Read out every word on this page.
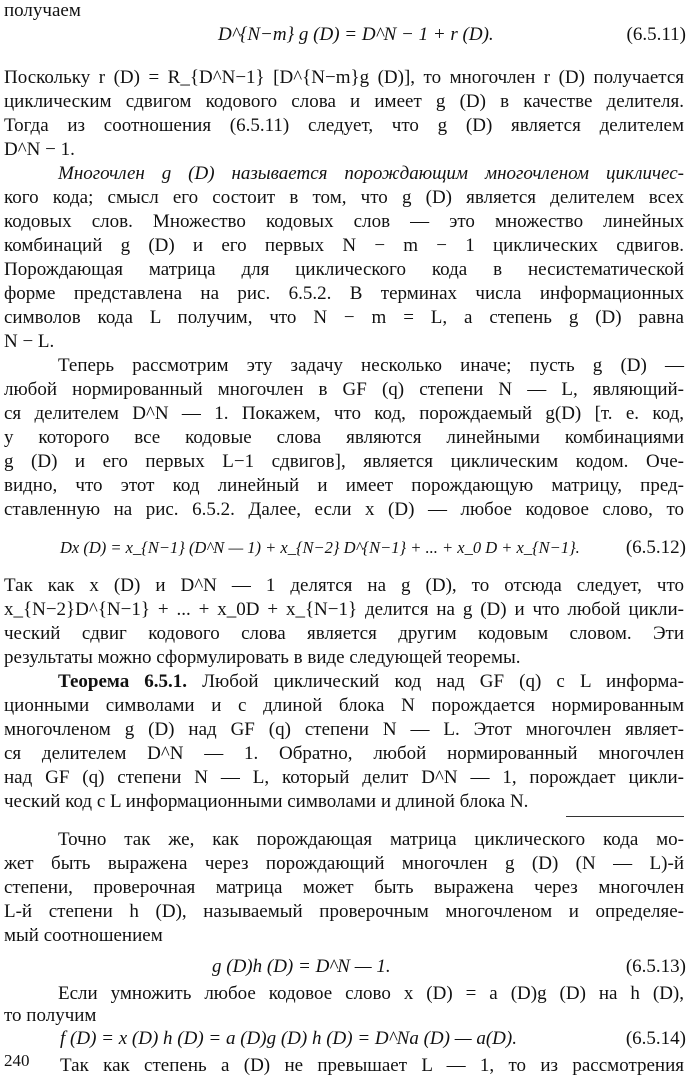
получаем
D^{N−m} g (D) = D^N − 1 + r (D).	(6.5.11)
Поскольку r (D) = R_{D^N−1} [D^{N−m}g (D)], то многочлен r (D) получается
циклическим сдвигом кодового слова и имеет g (D) в качестве делителя.
Тогда из соотношения (6.5.11) следует, что g (D) является делителем
D^N − 1.
Многочлен g (D) называется порождающим многочленом цикличес-
кого кода; смысл его состоит в том, что g (D) является делителем всех
кодовых слов. Множество кодовых слов — это множество линейных
комбинаций g (D) и его первых N − m − 1 циклических сдвигов.
Порождающая матрица для циклического кода в несистематической
форме представлена на рис. 6.5.2. В терминах числа информационных
символов кода L получим, что N − m = L, а степень g (D) равна
N − L.
Теперь рассмотрим эту задачу несколько иначе; пусть g (D) —
любой нормированный многочлен в GF (q) степени N — L, являющий-
ся делителем D^N — 1. Покажем, что код, порождаемый g(D) [т. е. код,
у которого все кодовые слова являются линейными комбинациями
g (D) и его первых L−1 сдвигов], является циклическим кодом. Оче-
видно, что этот код линейный и имеет порождающую матрицу, пред-
ставленную на рис. 6.5.2. Далее, если x (D) — любое кодовое слово, то
Dx (D) = x_{N−1} (D^N — 1) + x_{N−2} D^{N−1} + ... + x_0 D + x_{N−1}. (6.5.12)
Так как x (D) и D^N — 1 делятся на g (D), то отсюда следует, что
x_{N−2}D^{N−1} + ... + x_0D + x_{N−1} делится на g (D) и что любой цикли-
ческий сдвиг кодового слова является другим кодовым словом. Эти
результаты можно сформулировать в виде следующей теоремы.
Теорема 6.5.1. Любой циклический код над GF (q) с L информа-
ционными символами и с длиной блока N порождается нормированным
многочленом g (D) над GF (q) степени N — L. Этот многочлен являет-
ся делителем D^N — 1. Обратно, любой нормированный многочлен
над GF (q) степени N — L, который делит D^N — 1, порождает цикли-
ческий код с L информационными символами и длиной блока N.
Точно так же, как порождающая матрица циклического кода мо-
жет быть выражена через порождающий многочлен g (D) (N — L)-й
степени, проверочная матрица может быть выражена через многочлен
L-й степени h (D), называемый проверочным многочленом и определяе-
мый соотношением
g (D)h (D) = D^N — 1.	(6.5.13)
Если умножить любое кодовое слово x (D) = a (D)g (D) на h (D),
то получим
f (D) = x (D) h (D) = a (D)g (D) h (D) = D^Na (D) — a(D).	(6.5.14)
Так как степень a (D) не превышает L — 1, то из рассмотрения
240
